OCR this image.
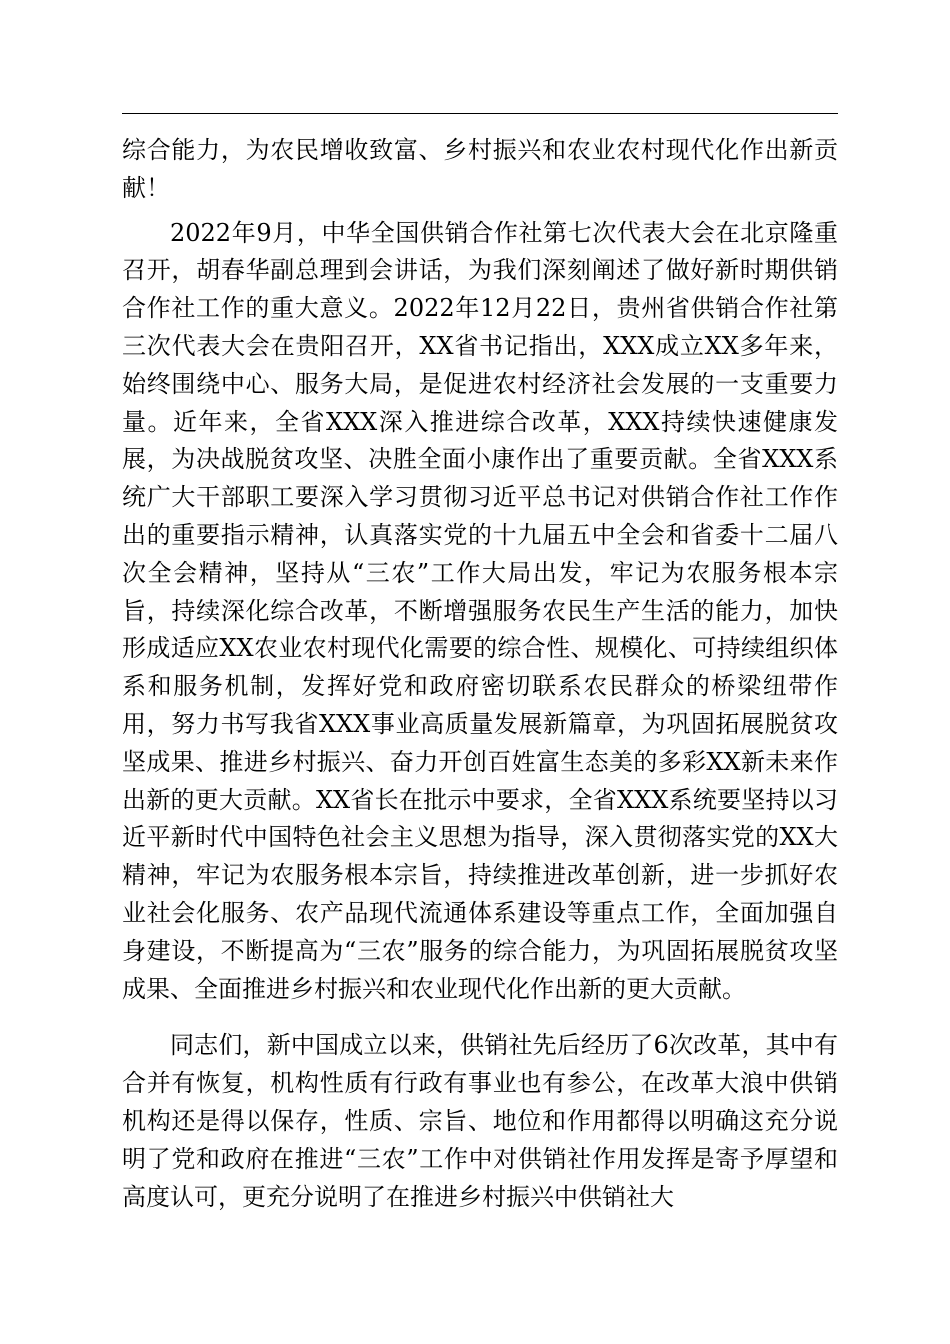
综合能力，为农民增收致富、乡村振兴和农业农村现代化作出新贡献！

2022年9月，中华全国供销合作社第七次代表大会在北京隆重召开，胡春华副总理到会讲话，为我们深刻阐述了做好新时期供销合作社工作的重大意义。2022年12月22日，贵州省供销合作社第三次代表大会在贵阳召开，XX省书记指出，XXX成立XX多年来，始终围绕中心、服务大局，是促进农村经济社会发展的一支重要力量。近年来，全省XXX深入推进综合改革，XXX持续快速健康发展，为决战脱贫攻坚、决胜全面小康作出了重要贡献。全省XXX系统广大干部职工要深入学习贯彻习近平总书记对供销合作社工作作出的重要指示精神，认真落实党的十九届五中全会和省委十二届八次全会精神，坚持从“三农”工作大局出发，牢记为农服务根本宗旨，持续深化综合改革，不断增强服务农民生产生活的能力，加快形成适应XX农业农村现代化需要的综合性、规模化、可持续组织体系和服务机制，发挥好党和政府密切联系农民群众的桥梁纽带作用，努力书写我省XXX事业高质量发展新篇章，为巩固拓展脱贫攻坚成果、推进乡村振兴、奋力开创百姓富生态美的多彩XX新未来作出新的更大贡献。XX省长在批示中要求，全省XXX系统要坚持以习近平新时代中国特色社会主义思想为指导，深入贯彻落实党的XX大精神，牢记为农服务根本宗旨，持续推进改革创新，进一步抓好农业社会化服务、农产品现代流通体系建设等重点工作，全面加强自身建设，不断提高为“三农”服务的综合能力，为巩固拓展脱贫攻坚成果、全面推进乡村振兴和农业现代化作出新的更大贡献。

同志们，新中国成立以来，供销社先后经历了6次改革，其中有合并有恢复，机构性质有行政有事业也有参公，在改革大浪中供销机构还是得以保存，性质、宗旨、地位和作用都得以明确这充分说明了党和政府在推进“三农”工作中对供销社作用发挥是寄予厚望和高度认可，更充分说明了在推进乡村振兴中供销社大
